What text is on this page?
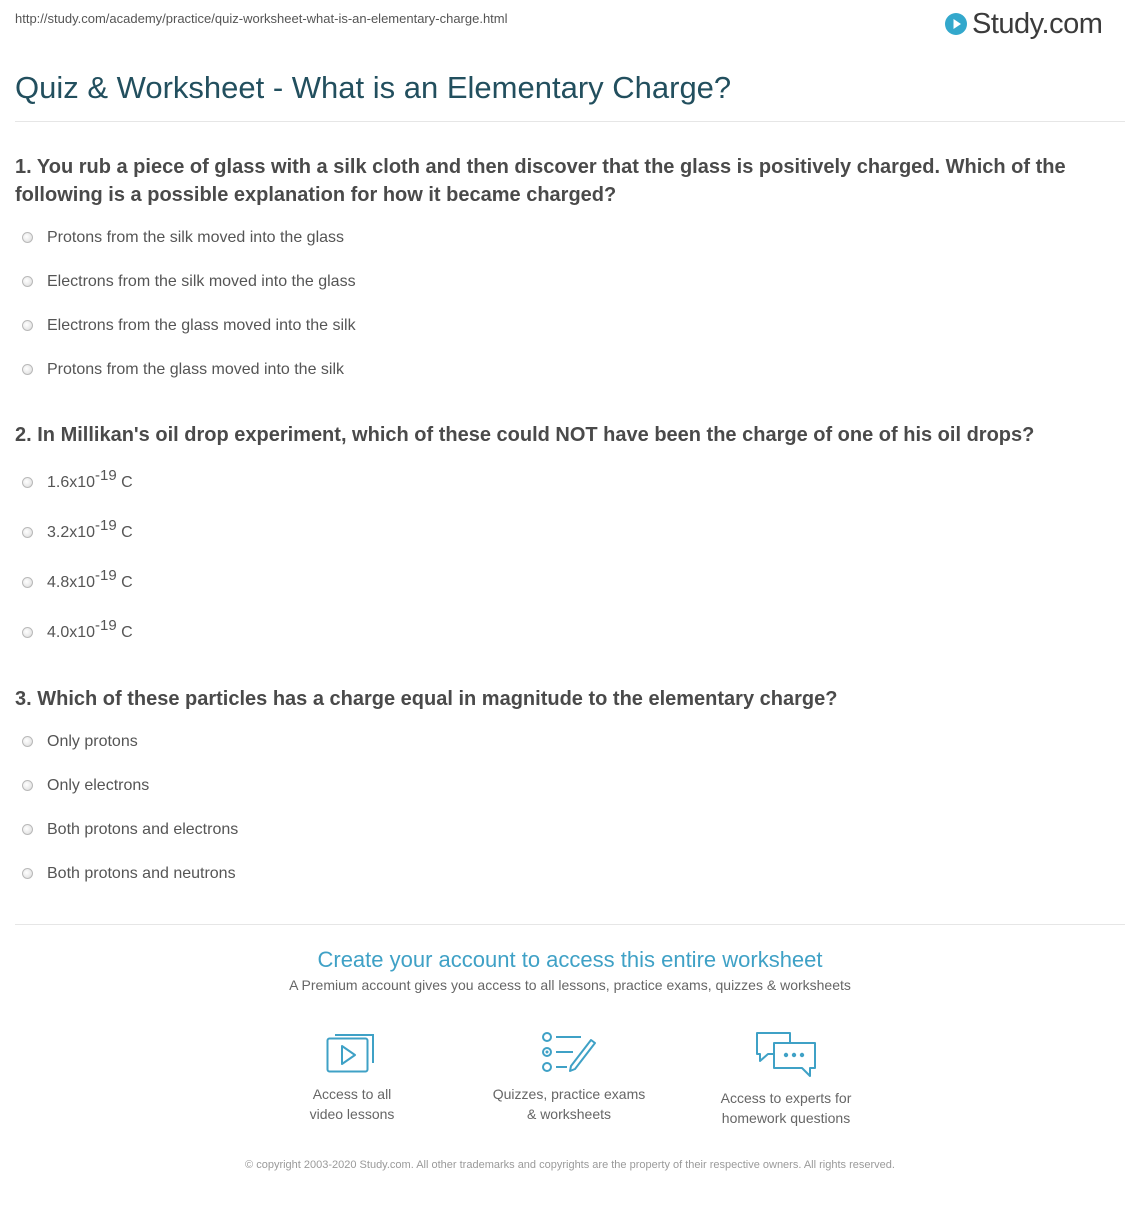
http://study.com/academy/practice/quiz-worksheet-what-is-an-elementary-charge.html	Study.com
Quiz & Worksheet - What is an Elementary Charge?

1. You rub a piece of glass with a silk cloth and then discover that the glass is positively charged. Which of the following is a possible explanation for how it became charged?

Protons from the silk moved into the glass
Electrons from the silk moved into the glass
Electrons from the glass moved into the silk
Protons from the glass moved into the silk

2. In Millikan's oil drop experiment, which of these could NOT have been the charge of one of his oil drops?

$1.6x10^{-19}$ C
$3.2x10^{-19}$ C
$4.8x10^{-19}$ C
$4.0x10^{-19}$ C

3. Which of these particles has a charge equal in magnitude to the elementary charge?

Only protons
Only electrons
Both protons and electrons
Both protons and neutrons
Create your account to access this entire worksheet
A Premium account gives you access to all lessons, practice exams, quizzes & worksheets
Access to all
video lessons
Quizzes, practice exams
& worksheets
Access to experts for
homework questions
© copyright 2003-2020 Study.com. All other trademarks and copyrights are the property of their respective owners. All rights reserved.
